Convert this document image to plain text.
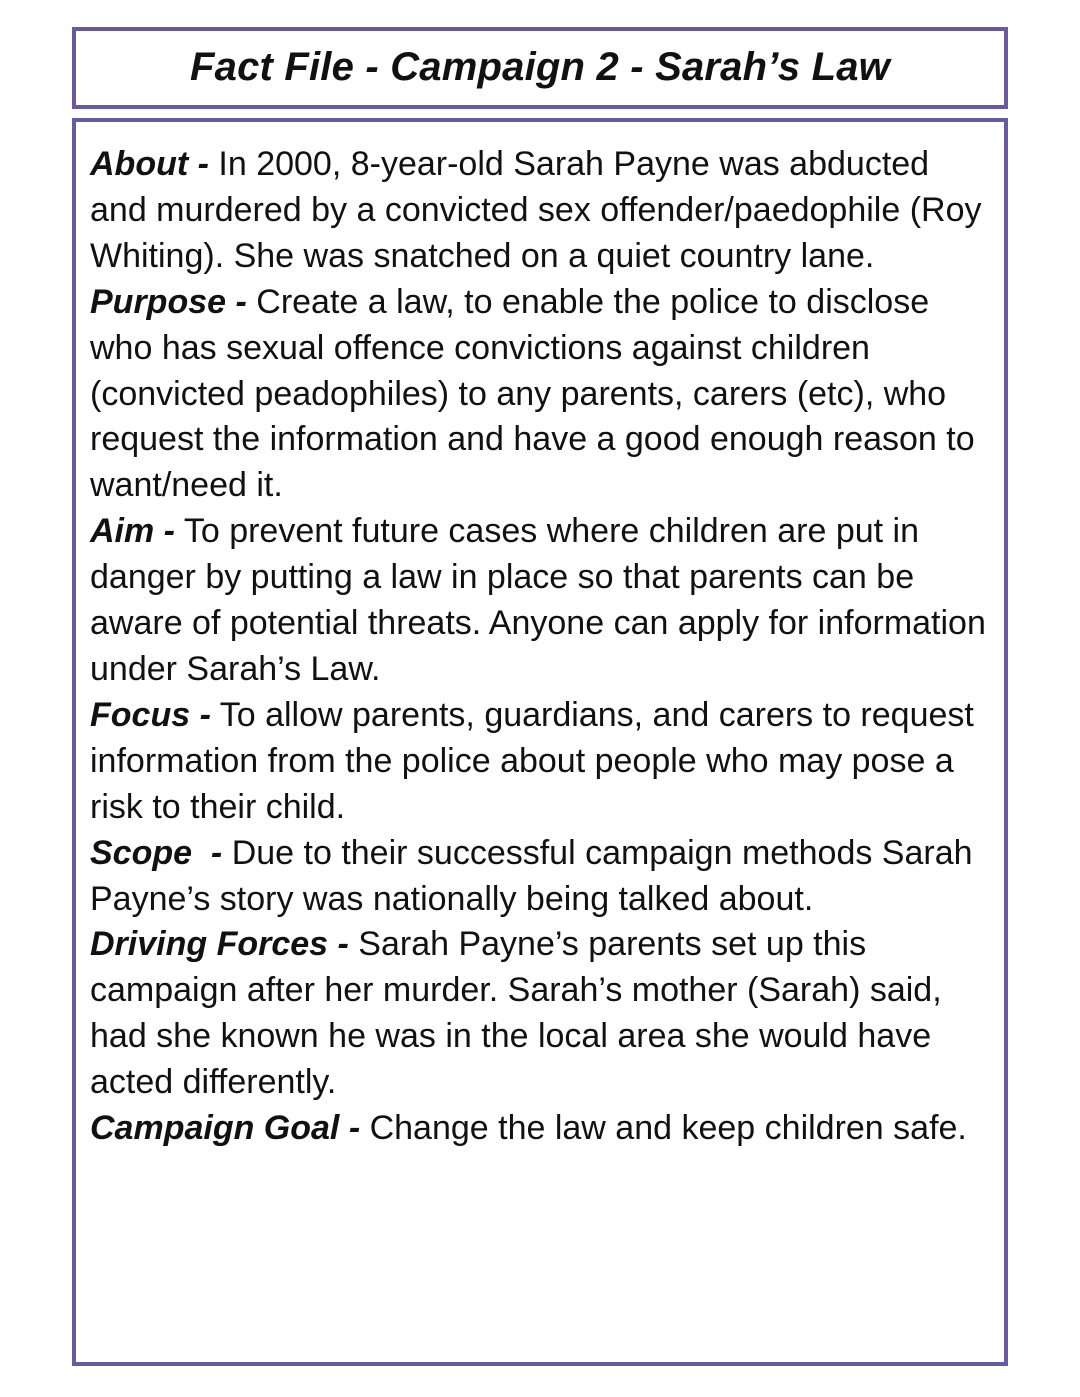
Fact File - Campaign 2 - Sarah’s Law

About - In 2000, 8-year-old Sarah Payne was abducted and murdered by a convicted sex offender/paedophile (Roy Whiting). She was snatched on a quiet country lane.

Purpose - Create a law, to enable the police to disclose who has sexual offence convictions against children (convicted peadophiles) to any parents, carers (etc), who request the information and have a good enough reason to want/need it.

Aim - To prevent future cases where children are put in danger by putting a law in place so that parents can be aware of potential threats. Anyone can apply for information under Sarah’s Law.

Focus - To allow parents, guardians, and carers to request information from the police about people who may pose a risk to their child.

Scope  - Due to their successful campaign methods Sarah Payne’s story was nationally being talked about.

Driving Forces - Sarah Payne’s parents set up this campaign after her murder. Sarah’s mother (Sarah) said, had she known he was in the local area she would have acted differently.

Campaign Goal - Change the law and keep children safe.
